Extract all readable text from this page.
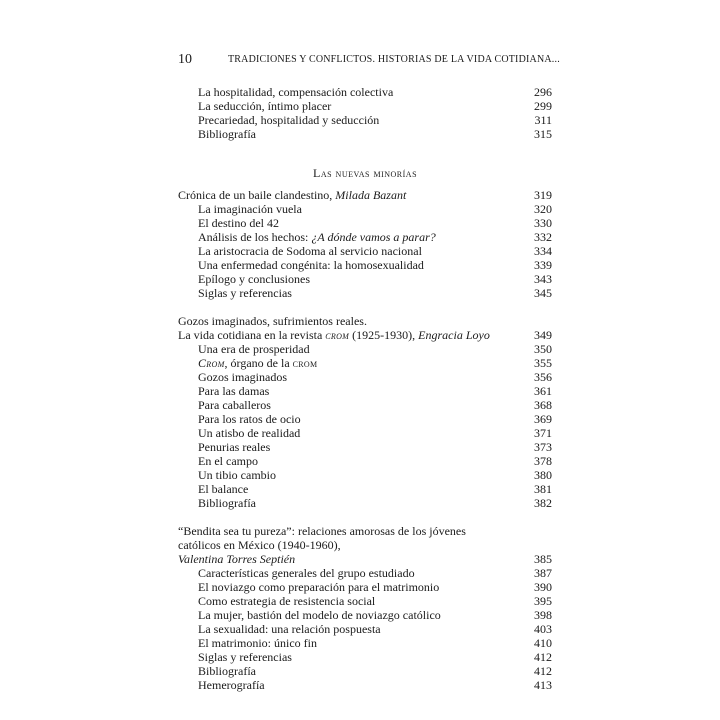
10	TRADICIONES Y CONFLICTOS. HISTORIAS DE LA VIDA COTIDIANA...
La hospitalidad, compensación colectiva	296
La seducción, íntimo placer	299
Precariedad, hospitalidad y seducción	311
Bibliografía	315
Las nuevas minorías
Crónica de un baile clandestino, Milada Bazant	319
La imaginación vuela	320
El destino del 42	330
Análisis de los hechos: ¿A dónde vamos a parar?	332
La aristocracia de Sodoma al servicio nacional	334
Una enfermedad congénita: la homosexualidad	339
Epílogo y conclusiones	343
Siglas y referencias	345
Gozos imaginados, sufrimientos reales.
La vida cotidiana en la revista crom (1925-1930), Engracia Loyo	349
Una era de prosperidad	350
Crom, órgano de la crom	355
Gozos imaginados	356
Para las damas	361
Para caballeros	368
Para los ratos de ocio	369
Un atisbo de realidad	371
Penurias reales	373
En el campo	378
Un tibio cambio	380
El balance	381
Bibliografía	382
“Bendita sea tu pureza”: relaciones amorosas de los jóvenes
católicos en México (1940-1960),
Valentina Torres Septién	385
Características generales del grupo estudiado	387
El noviazgo como preparación para el matrimonio	390
Como estrategia de resistencia social	395
La mujer, bastión del modelo de noviazgo católico	398
La sexualidad: una relación pospuesta	403
El matrimonio: único fin	410
Siglas y referencias	412
Bibliografía	412
Hemerografía	413
